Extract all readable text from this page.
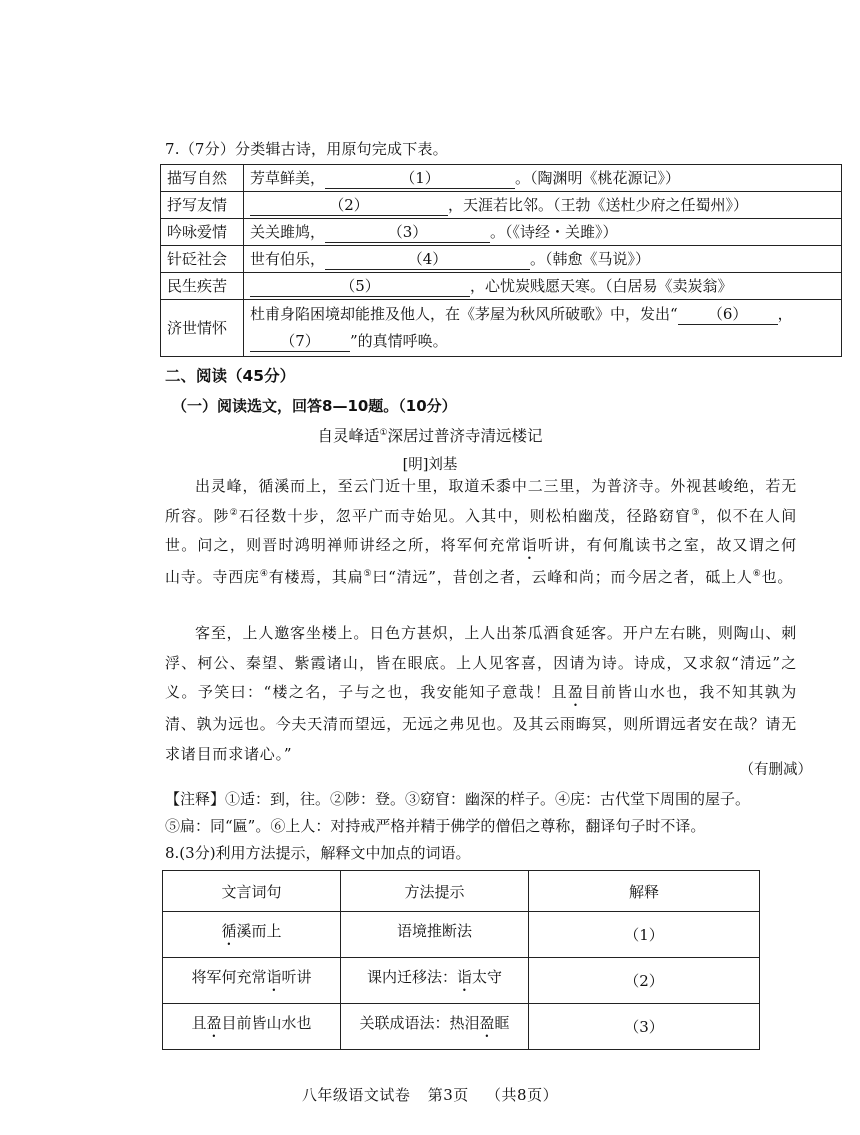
7.（7分）分类辑古诗，用原句完成下表。
描写自然	芳草鲜美， （1） 。（陶渊明《桃花源记》）
抒写友情	（2） ，天涯若比邻。（王勃《送杜少府之任蜀州》）
吟咏爱情	关关雎鸠， （3） 。（《诗经・关雎》）
针砭社会	世有伯乐， （4） 。（韩愈《马说》）
民生疾苦	（5） ，心忧炭贱愿天寒。（白居易《卖炭翁》
济世情怀	杜甫身陷困境却能推及他人，在《茅屋为秋风所破歌》中，发出“ （6） ，
（7） ”的真情呼唤。
二、阅读（45分）
（一）阅读选文，回答8—10题。（10分）
自灵峰适①深居过普济寺清远楼记
[明]刘基
出灵峰，循溪而上，至云门近十里，取道禾黍中二三里，为普济寺。外视甚峻绝，若无所容。陟②石径数十步，忽平广而寺始见。入其中，则松柏幽茂，径路窈窅③，似不在人间世。问之，则晋时鸿明禅师讲经之所，将军何充常诣听讲，有何胤读书之室，故又谓之何山寺。寺西庑④有楼焉，其扁⑤曰“清远”，昔创之者，云峰和尚；而今居之者，砥上人⑥也。
客至，上人邀客坐楼上。日色方甚炽，上人出茶瓜酒食延客。开户左右眺，则陶山、刺浮、柯公、秦望、紫霞诸山，皆在眼底。上人见客喜，因请为诗。诗成，又求叙“清远”之义。予笑曰：“楼之名，子与之也，我安能知子意哉！且盈目前皆山水也，我不知其孰为清、孰为远也。今夫天清而望远，无远之弗见也。及其云雨晦冥，则所谓远者安在哉？请无求诸目而求诸心。”
（有删减）
【注释】①适：到，往。②陟：登。③窈窅：幽深的样子。④庑：古代堂下周围的屋子。
⑤扁：同“匾”。⑥上人：对持戒严格并精于佛学的僧侣之尊称，翻译句子时不译。
8.(3分)利用方法提示，解释文中加点的词语。
文言词句	方法提示	解释
循溪而上	语境推断法	（1）
将军何充常诣听讲	课内迁移法：诣太守	（2）
且盈目前皆山水也	关联成语法：热泪盈眶	（3）
八年级语文试卷 第3页 （共8页）
